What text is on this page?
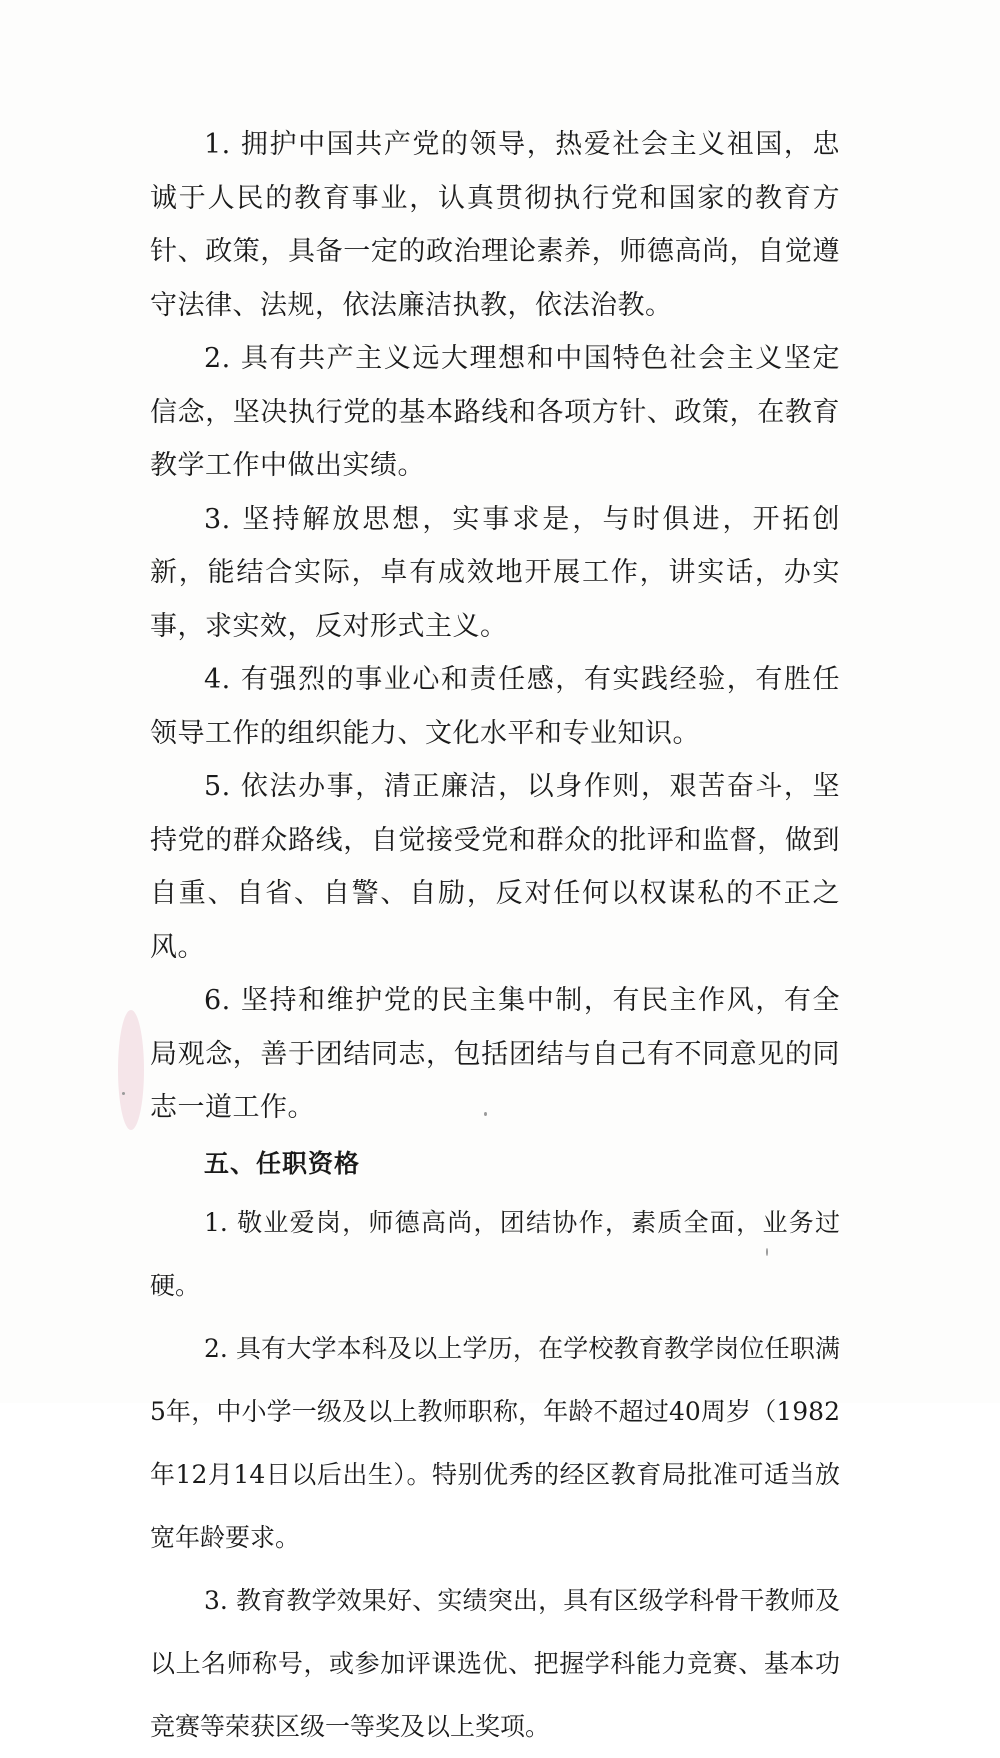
1. 拥护中国共产党的领导，热爱社会主义祖国，忠诚于人民的教育事业，认真贯彻执行党和国家的教育方针、政策，具备一定的政治理论素养，师德高尚，自觉遵守法律、法规，依法廉洁执教，依法治教。

2. 具有共产主义远大理想和中国特色社会主义坚定信念，坚决执行党的基本路线和各项方针、政策，在教育教学工作中做出实绩。

3. 坚持解放思想，实事求是，与时俱进，开拓创新，能结合实际，卓有成效地开展工作，讲实话，办实事，求实效，反对形式主义。

4. 有强烈的事业心和责任感，有实践经验，有胜任领导工作的组织能力、文化水平和专业知识。

5. 依法办事，清正廉洁，以身作则，艰苦奋斗，坚持党的群众路线，自觉接受党和群众的批评和监督，做到自重、自省、自警、自励，反对任何以权谋私的不正之风。

6. 坚持和维护党的民主集中制，有民主作风，有全局观念，善于团结同志，包括团结与自己有不同意见的同志一道工作。

五、任职资格

1. 敬业爱岗，师德高尚，团结协作，素质全面，业务过硬。

2. 具有大学本科及以上学历，在学校教育教学岗位任职满5年，中小学一级及以上教师职称，年龄不超过40周岁（1982年12月14日以后出生）。特别优秀的经区教育局批准可适当放宽年龄要求。

3. 教育教学效果好、实绩突出，具有区级学科骨干教师及以上名师称号，或参加评课选优、把握学科能力竞赛、基本功竞赛等荣获区级一等奖及以上奖项。
